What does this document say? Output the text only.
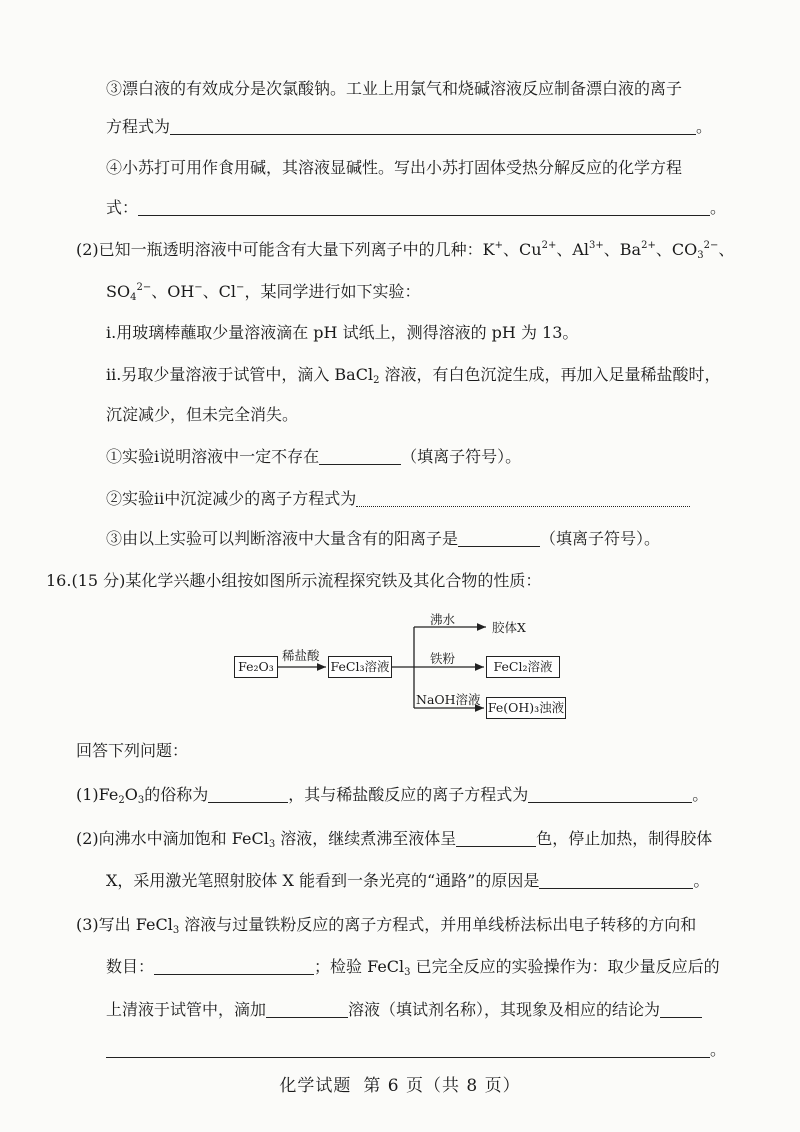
③漂白液的有效成分是次氯酸钠。工业上用氯气和烧碱溶液反应制备漂白液的离子
方程式为	。
④小苏打可用作食用碱，其溶液显碱性。写出小苏打固体受热分解反应的化学方程
式：	。
(2)已知一瓶透明溶液中可能含有大量下列离子中的几种：K+、$Cu^{2+}$、$Al^{3+}$、$Ba^{2+}$、$CO_3^{2-}$、
$SO_4^{2-}$、OH−、Cl−，某同学进行如下实验：
ⅰ.用玻璃棒蘸取少量溶液滴在 pH 试纸上，测得溶液的 pH 为 13。
ⅱ.另取少量溶液于试管中，滴入 BaCl$_2$ 溶液，有白色沉淀生成，再加入足量稀盐酸时，
沉淀减少，但未完全消失。
①实验ⅰ说明溶液中一定不存在	（填离子符号）。
②实验ⅱ中沉淀减少的离子方程式为
③由以上实验可以判断溶液中大量含有的阳离子是	（填离子符号）。
16.(15 分)某化学兴趣小组按如图所示流程探究铁及其化合物的性质：
Fe₂O₃
稀盐酸
FeCl₃溶液
沸水
胶体X
铁粉
FeCl₂溶液
NaOH溶液
Fe(OH)₃浊液
回答下列问题：
$(1)Fe_2O_3$的俗称为	，其与稀盐酸反应的离子方程式为	。
(2)向沸水中滴加饱和 FeCl$_3$ 溶液，继续煮沸至液体呈	色，停止加热，制得胶体
X，采用激光笔照射胶体 X 能看到一条光亮的“通路”的原因是	。
(3)写出 FeCl$_3$ 溶液与过量铁粉反应的离子方程式，并用单线桥法标出电子转移的方向和
数目：	；检验 FeCl$_3$ 已完全反应的实验操作为：取少量反应后的
上清液于试管中，滴加	溶液（填试剂名称），其现象及相应的结论为
。
化学试题 第 6 页（共 8 页）
